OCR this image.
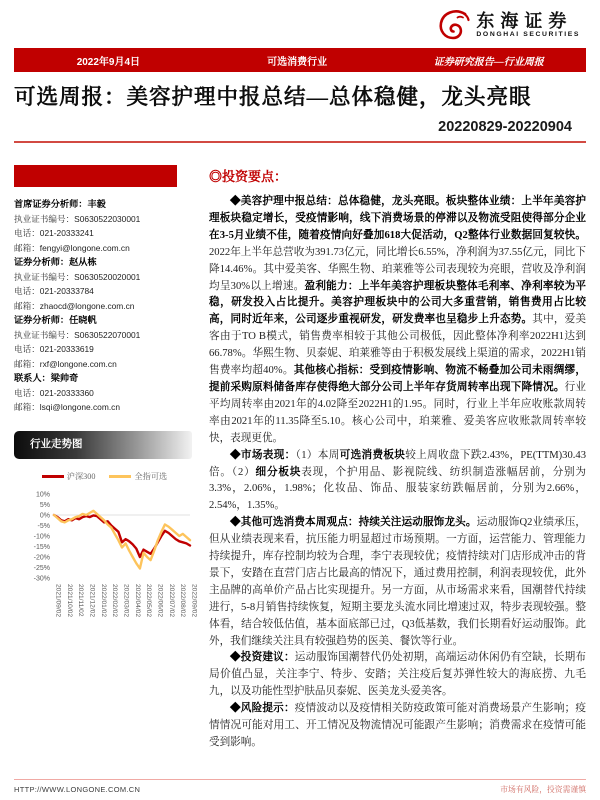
东海证券
DONGHAI SECURITIES
2022年9月4日	可选消费行业	证券研究报告—行业周报
可选周报：美容护理中报总结—总体稳健，龙头亮眼
20220829-20220904
首席证券分析师：丰毅
执业证书编号：S0630522030001
电话：021-20333241
邮箱：fengyi@longone.com.cn
证券分析师：赵从栋
执业证书编号：S0630520020001
电话：021-20333784
邮箱：zhaocd@longone.com.cn
证券分析师：任晓帆
执业证书编号：S0630522070001
电话：021-20333619
邮箱：rxf@longone.com.cn
联系人：梁帅奇
电话：021-20333360
邮箱：lsqi@longone.com.cn
行业走势图
沪深300	全指可选
10%
5%
0%
-5%
-10%
-15%
-20%
-25%
-30%
2021/09/02 2021/10/02 2021/11/02 2021/12/02 2022/01/02 2022/02/02 2022/03/02 2022/04/02 2022/05/02 2022/06/02 2022/07/02 2022/08/02 2022/09/02
◎投资要点：

◆美容护理中报总结：总体稳健，龙头亮眼。板块整体业绩：上半年美容护理板块稳定增长，受疫情影响，线下消费场景的停滞以及物流受阻使得部分企业在3-5月业绩不佳，随着疫情向好叠加618大促活动，Q2整体行业数据回复较快。2022年上半年总营收为391.73亿元，同比增长6.55%，净利润为37.55亿元，同比下降14.46%。其中爱美客、华熙生物、珀莱雅等公司表现较为亮眼，营收及净利润均呈30%以上增速。盈利能力：上半年美容护理板块整体毛利率、净利率较为平稳，研发投入占比提升。美容护理板块中的公司大多重营销，销售费用占比较高，同时近年来，公司逐步重视研发，研发费率也呈稳步上升态势。其中，爱美客由于TO B模式，销售费率相较于其他公司极低，因此整体净利率2022H1达到66.78%。华熙生物、贝泰妮、珀莱雅等由于积极发展线上渠道的需求，2022H1销售费率均超40%。其他核心指标：受到疫情影响、物流不畅叠加公司未雨绸缪，提前采购原料储备库存使得绝大部分公司上半年存货周转率出现下降情况。行业平均周转率由2021年的4.02降至2022H1的1.95。同时，行业上半年应收账款周转率由2021年的11.35降至5.10。核心公司中，珀莱雅、爱美客应收账款周转率较快，表现更优。

◆市场表现：（1）本周可选消费板块较上周收盘下跌2.43%，PE(TTM)30.43倍。（2）细分板块表现，个护用品、影视院线、纺织制造涨幅居前，分别为3.3%，2.06%，1.98%；化妆品、饰品、服装家纺跌幅居前，分别为2.66%，2.54%，1.35%。

◆其他可选消费本周观点：持续关注运动服饰龙头。运动服饰Q2业绩承压，但从业绩表现来看，抗压能力明显超过市场预期。一方面，运营能力、管理能力持续提升，库存控制均较为合理，李宁表现较优；疫情持续对门店形成冲击的背景下，安踏在直营门店占比最高的情况下，通过费用控制，利润表现较优，此外主品牌的高单价产品占比实现提升。另一方面，从市场需求来看，国潮替代持续进行，5-8月销售持续恢复，短期主要龙头流水同比增速过双，特步表现较强。整体看，结合较低估值，基本面底部已过，Q3低基数，我们长期看好运动服饰。此外，我们继续关注具有较强趋势的医美、餐饮等行业。

◆投资建议：运动服饰国潮替代仍处初期，高端运动休闲仍有空缺，长期布局价值凸显，关注李宁、特步、安踏；关注疫后复苏弹性较大的海底捞、九毛九，以及功能性型护肤品贝泰妮、医美龙头爱美客。

◆风险提示：疫情波动以及疫情相关防疫政策可能对消费场景产生影响；疫情情况可能对用工、开工情况及物流情况可能跟产生影响；消费需求在疫情可能受到影响。

HTTP://WWW.LONGONE.COM.CN	市场有风险，投资需谨慎
